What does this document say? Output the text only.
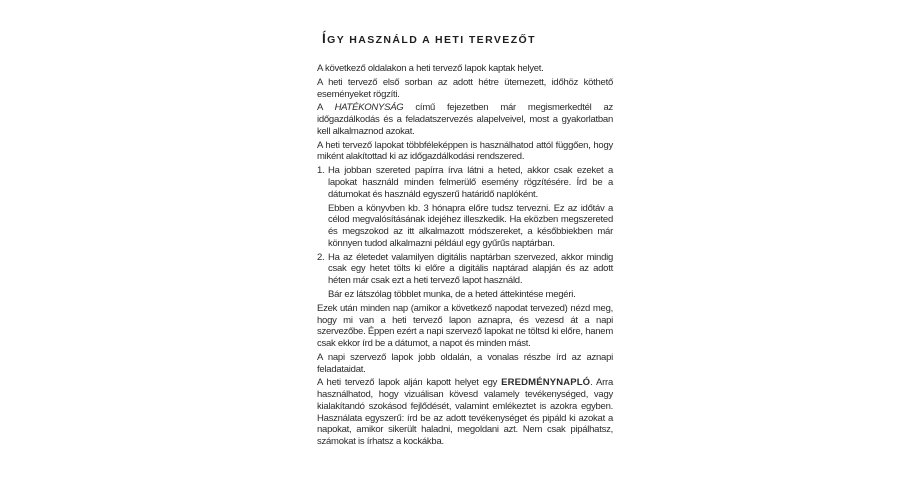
ÍGY HASZNÁLD A HETI TERVEZŐT

A következő oldalakon a heti tervező lapok kaptak helyet.

A heti tervező első sorban az adott hétre ütemezett, időhöz köthető eseményeket rögzíti.

A HATÉKONYSÁG című fejezetben már megismerkedtél az időgazdálkodás és a feladatszervezés alapelveivel, most a gyakorlatban kell alkalmaznod azokat.

A heti tervező lapokat többféleképpen is használhatod attól függően, hogy miként alakítottad ki az időgazdálkodási rendszered.

1. Ha jobban szereted papírra írva látni a heted, akkor csak ezeket a lapokat használd minden felmerülő esemény rögzítésére. Írd be a dátumokat és használd egyszerű határidő naplóként.

Ebben a könyvben kb. 3 hónapra előre tudsz tervezni. Ez az időtáv a célod megvalósításának idejéhez illeszkedik. Ha eközben megszereted és megszokod az itt alkalmazott módszereket, a későbbiekben már könnyen tudod alkalmazni például egy gyűrűs naptárban.

2. Ha az életedet valamilyen digitális naptárban szervezed, akkor mindig csak egy hetet tölts ki előre a digitális naptárad alapján és az adott héten már csak ezt a heti tervező lapot használd.

Bár ez látszólag többlet munka, de a heted áttekintése megéri.

Ezek után minden nap (amikor a következő napodat tervezed) nézd meg, hogy mi van a heti tervező lapon aznapra, és vezesd át a napi szervezőbe. Éppen ezért a napi szervező lapokat ne töltsd ki előre, hanem csak ekkor írd be a dátumot, a napot és minden mást.

A napi szervező lapok jobb oldalán, a vonalas részbe írd az aznapi feladataidat.

A heti tervező lapok alján kapott helyet egy EREDMÉNYNAPLÓ. Arra használhatod, hogy vizuálisan kövesd valamely tevékenységed, vagy kialakítandó szokásod fejlődését, valamint emlékeztet is azokra egyben. Használata egyszerű: írd be az adott tevékenységet és pipáld ki azokat a napokat, amikor sikerült haladni, megoldani azt. Nem csak pipálhatsz, számokat is írhatsz a kockákba.
